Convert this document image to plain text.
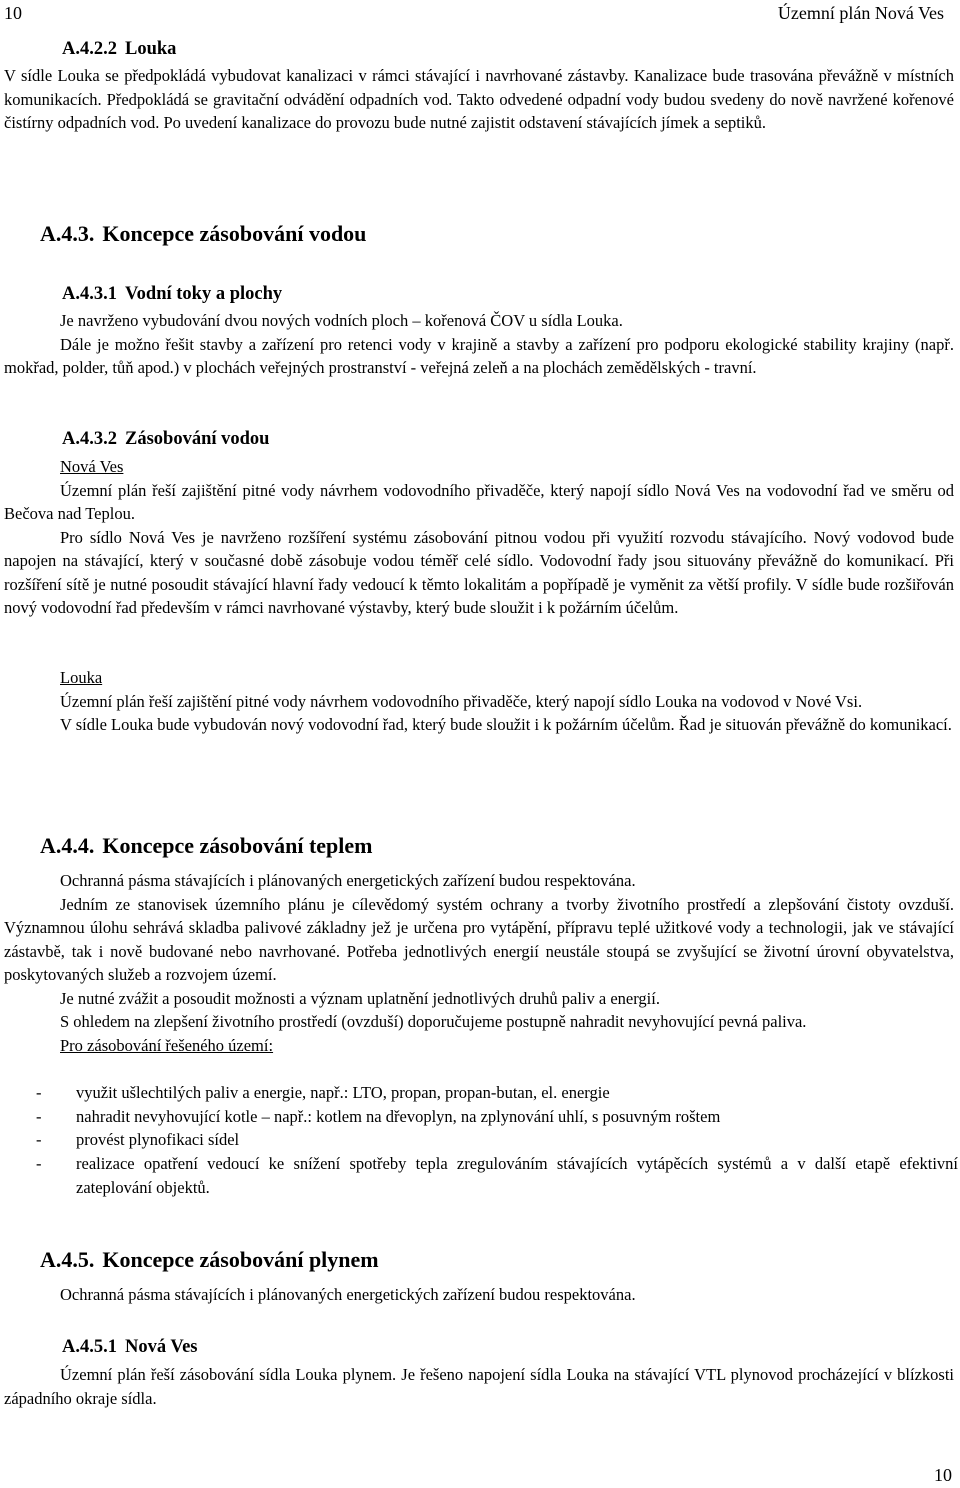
10	Územní plán Nová Ves
A.4.2.2 Louka

V sídle Louka se předpokládá vybudovat kanalizaci v rámci stávající i navrhované zástavby. Kanalizace bude trasována převážně v místních komunikacích. Předpokládá se gravitační odvádění odpadních vod. Takto odvedené odpadní vody budou svedeny do nově navržené kořenové čistírny odpadních vod. Po uvedení kanalizace do provozu bude nutné zajistit odstavení stávajících jímek a septiků.

A.4.3. Koncepce zásobování vodou
A.4.3.1 Vodní toky a plochy

Je navrženo vybudování dvou nových vodních ploch – kořenová ČOV u sídla Louka.

Dále je možno řešit stavby a zařízení pro retenci vody v krajině a stavby a zařízení pro podporu ekologické stability krajiny (např. mokřad, polder, tůň apod.) v plochách veřejných prostranství - veřejná zeleň a na plochách zemědělských - travní.

A.4.3.2 Zásobování vodou

Nová Ves

Územní plán řeší zajištění pitné vody návrhem vodovodního přivaděče, který napojí sídlo Nová Ves na vodovodní řad ve směru od Bečova nad Teplou.

Pro sídlo Nová Ves je navrženo rozšíření systému zásobování pitnou vodou při využití rozvodu stávajícího. Nový vodovod bude napojen na stávající, který v současné době zásobuje vodou téměř celé sídlo. Vodovodní řady jsou situovány převážně do komunikací. Při rozšíření sítě je nutné posoudit stávající hlavní řady vedoucí k těmto lokalitám a popřípadě je vyměnit za větší profily. V sídle bude rozšiřován nový vodovodní řad především v rámci navrhované výstavby, který bude sloužit i k požárním účelům.

Louka

Územní plán řeší zajištění pitné vody návrhem vodovodního přivaděče, který napojí sídlo Louka na vodovod v Nové Vsi.

V sídle Louka bude vybudován nový vodovodní řad, který bude sloužit i k požárním účelům. Řad je situován převážně do komunikací.

A.4.4. Koncepce zásobování teplem

Ochranná pásma stávajících i plánovaných energetických zařízení budou respektována.

Jedním ze stanovisek územního plánu je cílevědomý systém ochrany a tvorby životního prostředí a zlepšování čistoty ovzduší. Významnou úlohu sehrává skladba palivové základny jež je určena pro vytápění, přípravu teplé užitkové vody a technologii, jak ve stávající zástavbě, tak i nově budované nebo navrhované. Potřeba jednotlivých energií neustále stoupá se zvyšující se životní úrovní obyvatelstva, poskytovaných služeb a rozvojem území.

Je nutné zvážit a posoudit možnosti a význam uplatnění jednotlivých druhů paliv a energií.

S ohledem na zlepšení životního prostředí (ovzduší) doporučujeme postupně nahradit nevyhovující pevná paliva.

Pro zásobování řešeného území:

- využit ušlechtilých paliv a energie, např.: LTO, propan, propan-butan, el. energie
- nahradit nevyhovující kotle – např.: kotlem na dřevoplyn, na zplynování uhlí, s posuvným roštem
- provést plynofikaci sídel
- realizace opatření vedoucí ke snížení spotřeby tepla zregulováním stávajících vytápěcích systémů a v další etapě efektivní zateplování objektů.
A.4.5. Koncepce zásobování plynem

Ochranná pásma stávajících i plánovaných energetických zařízení budou respektována.

A.4.5.1 Nová Ves

Územní plán řeší zásobování sídla Louka plynem. Je řešeno napojení sídla Louka na stávající VTL plynovod procházející v blízkosti západního okraje sídla.

10
